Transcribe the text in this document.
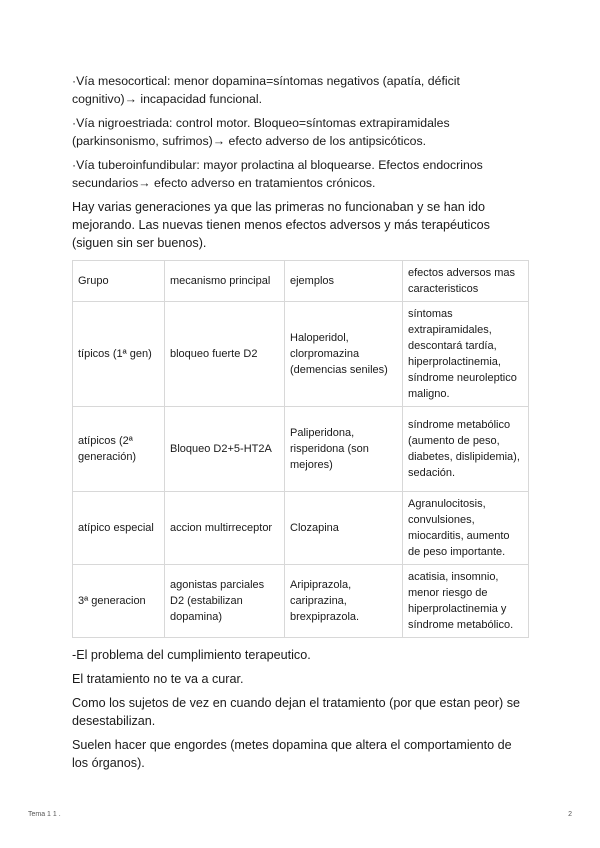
·Vía mesocortical: menor dopamina=síntomas negativos (apatía, déficit cognitivo)→ incapacidad funcional.

·Vía nigroestriada: control motor. Bloqueo=síntomas extrapiramidales (parkinsonismo, sufrimos)→ efecto adverso de los antipsicóticos.

·Vía tuberoinfundibular: mayor prolactina al bloquearse. Efectos endocrinos secundarios→ efecto adverso en tratamientos crónicos.

Hay varias generaciones ya que las primeras no funcionaban y se han ido mejorando. Las nuevas tienen menos efectos adversos y más terapéuticos (siguen sin ser buenos).

Grupo	mecanismo principal	ejemplos	efectos adversos mas caracteristicos
típicos (1ª gen)	bloqueo fuerte D2	Haloperidol, clorpromazina (demencias seniles)	síntomas extrapiramidales, descontará tardía, hiperprolactinemia, síndrome neuroleptico maligno.
atípicos (2ª generación)	Bloqueo D2+5-HT2A	Paliperidona, risperidona (son mejores)	síndrome metabólico (aumento de peso, diabetes, dislipidemia), sedación.
atípico especial	accion multirreceptor	Clozapina	Agranulocitosis, convulsiones, miocarditis, aumento de peso importante.
3ª generacion	agonistas parciales D2 (estabilizan dopamina)	Aripiprazola, cariprazina, brexpiprazola.	acatisia, insomnio, menor riesgo de hiperprolactinemia y síndrome metabólico.

-El problema del cumplimiento terapeutico.

El tratamiento no te va a curar.

Como los sujetos de vez en cuando dejan el tratamiento (por que estan peor) se desestabilizan.

Suelen hacer que engordes (metes dopamina que altera el comportamiento de los órganos).

Tema 1 1 .	2
